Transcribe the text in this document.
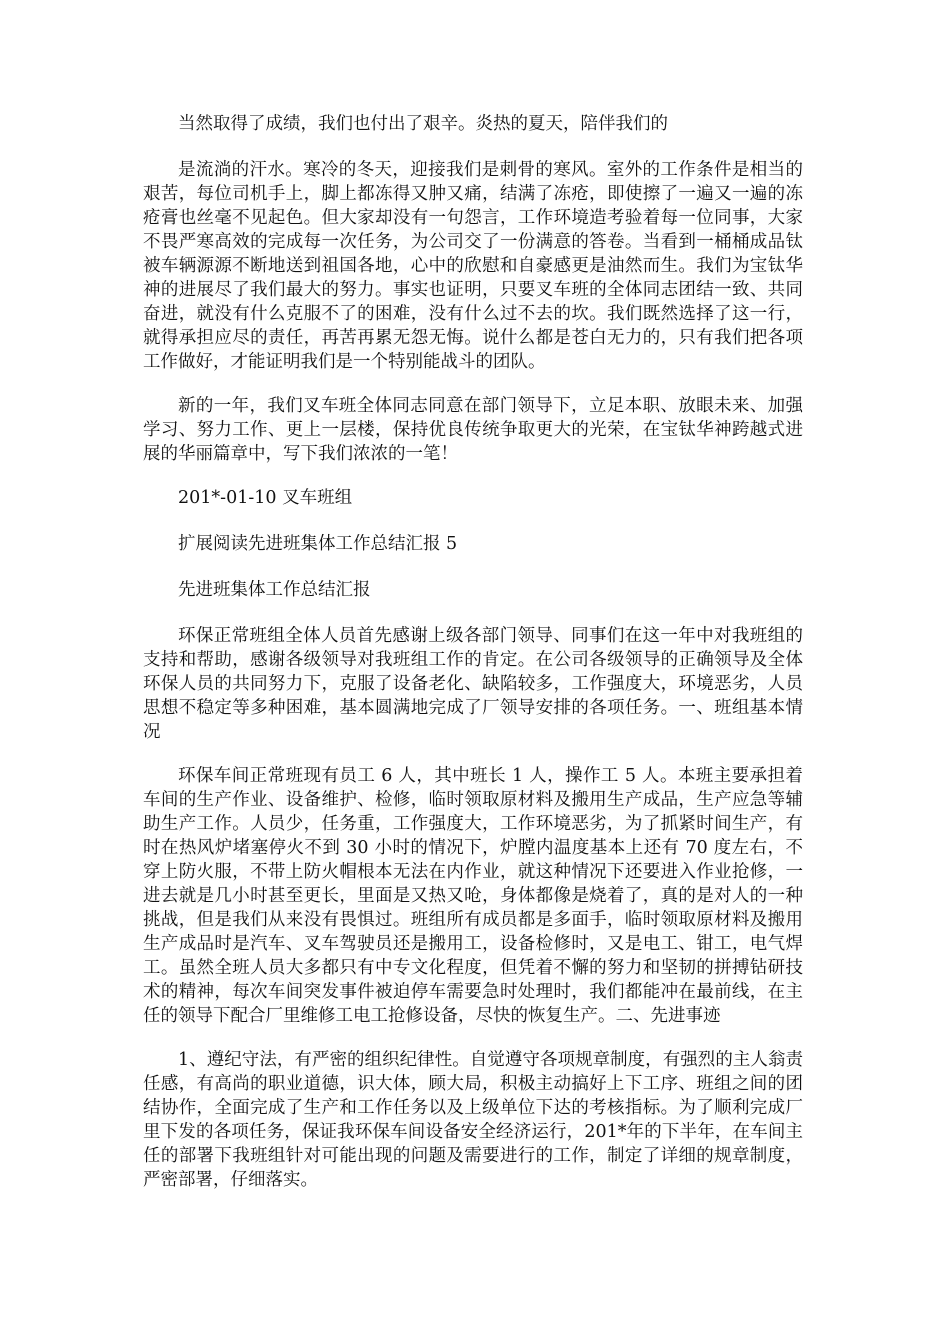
当然取得了成绩，我们也付出了艰辛。炎热的夏天，陪伴我们的

是流淌的汗水。寒冷的冬天，迎接我们是刺骨的寒风。室外的工作条件是相当的艰苦，每位司机手上，脚上都冻得又肿又痛，结满了冻疮，即使擦了一遍又一遍的冻疮膏也丝毫不见起色。但大家却没有一句怨言，工作环境造考验着每一位同事，大家不畏严寒高效的完成每一次任务，为公司交了一份满意的答卷。当看到一桶桶成品钛被车辆源源不断地送到祖国各地，心中的欣慰和自豪感更是油然而生。我们为宝钛华神的进展尽了我们最大的努力。事实也证明，只要叉车班的全体同志团结一致、共同奋进，就没有什么克服不了的困难，没有什么过不去的坎。我们既然选择了这一行，就得承担应尽的责任，再苦再累无怨无悔。说什么都是苍白无力的，只有我们把各项工作做好，才能证明我们是一个特别能战斗的团队。

新的一年，我们叉车班全体同志同意在部门领导下，立足本职、放眼未来、加强学习、努力工作、更上一层楼，保持优良传统争取更大的光荣，在宝钛华神跨越式进展的华丽篇章中，写下我们浓浓的一笔！

201*-01-10 叉车班组

扩展阅读先进班集体工作总结汇报 5

先进班集体工作总结汇报

环保正常班组全体人员首先感谢上级各部门领导、同事们在这一年中对我班组的支持和帮助，感谢各级领导对我班组工作的肯定。在公司各级领导的正确领导及全体环保人员的共同努力下，克服了设备老化、缺陷较多，工作强度大，环境恶劣，人员思想不稳定等多种困难，基本圆满地完成了厂领导安排的各项任务。一、班组基本情况

环保车间正常班现有员工 6 人，其中班长 1 人，操作工 5 人。本班主要承担着车间的生产作业、设备维护、检修，临时领取原材料及搬用生产成品，生产应急等辅助生产工作。人员少，任务重，工作强度大，工作环境恶劣，为了抓紧时间生产，有时在热风炉堵塞停火不到 30 小时的情况下，炉膛内温度基本上还有 70 度左右，不穿上防火服，不带上防火帽根本无法在内作业，就这种情况下还要进入作业抢修，一进去就是几小时甚至更长，里面是又热又呛，身体都像是烧着了，真的是对人的一种挑战，但是我们从来没有畏惧过。班组所有成员都是多面手，临时领取原材料及搬用生产成品时是汽车、叉车驾驶员还是搬用工，设备检修时，又是电工、钳工，电气焊工。虽然全班人员大多都只有中专文化程度，但凭着不懈的努力和坚韧的拼搏钻研技术的精神，每次车间突发事件被迫停车需要急时处理时，我们都能冲在最前线，在主任的领导下配合厂里维修工电工抢修设备，尽快的恢复生产。二、先进事迹

1、遵纪守法，有严密的组织纪律性。自觉遵守各项规章制度，有强烈的主人翁责任感，有高尚的职业道德，识大体，顾大局，积极主动搞好上下工序、班组之间的团结协作，全面完成了生产和工作任务以及上级单位下达的考核指标。为了顺利完成厂里下发的各项任务，保证我环保车间设备安全经济运行，201*年的下半年，在车间主任的部署下我班组针对可能出现的问题及需要进行的工作，制定了详细的规章制度，严密部署，仔细落实。
